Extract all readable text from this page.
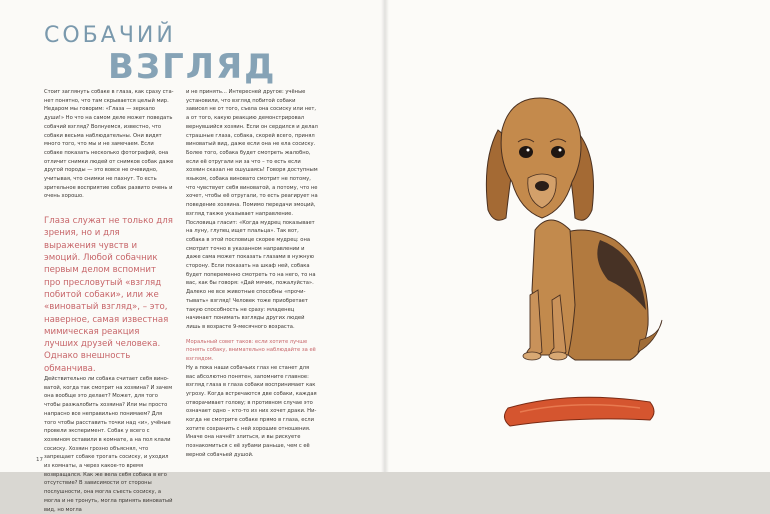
СОБАЧИЙ
ВЗГЛЯД

Стоит заглянуть собаке в глаза, как сразу станет понятно, что там скрывается целый мир. Недаром мы говорим: «Глаза — зеркало души!» Но что на самом деле может поведать собачий взгляд? Волнуемся, известно, что собаки весьма наблюдательны. Они видят много того, что мы и не замечаем. Если собаке показать несколько фотографий, она отличит снимки людей от снимков собак даже другой породы — это вовсе не очевидно, учитывая, что снимки не пахнут. То есть зрительное восприятие собак развито очень и очень хорошо.

Глаза служат не только для зрения, но и для выражения чувств и эмоций. Любой собачник первым делом вспомнит про пресловутый «взгляд побитой собаки», или же «виноватый взгляд», – это, наверное, самая известная мимическая реакция лучших друзей человека. Однако внешность обманчива.

Действительно ли собака считает себя виноватой, когда так смотрит на хозяина? И зачем она вообще это делает? Может, для того чтобы разжалобить хозяина? Или мы просто напрасно все неправильно понимаем? Для того чтобы расставить точки над «и», учёные провели эксперимент. Собак у всего с хозяином оставили в комнате, а на пол клали сосиску. Хозяин грозно объяснял, что запрещает собаке трогать сосиску, и уходил из комнаты, а через какое-то время возвращался. Как же вела себя собака в его отсутствие? В зависимости от стороны послушности, она могла съесть сосиску, а могла и не тронуть, могла принять виноватый вид, но могла

и не принять... Интересней другое: учёные установили, что взгляд побитой собаки зависел не от того, съела она сосиску или нет, а от того, какую реакцию демонстрировал вернувшийся хозяин. Если он сердился и делал страшные глаза, собака, скорей всего, принял виноватый вид, даже если она не ела сосиску. Более того, собака будет смотреть жалобно, если её отругали ни за что – то есть если хозяин сказал не ошушаясь! Говоря доступным языком, собака виновато смотрит не потому, что чувствует себя виноватой, а потому, что не хочет, чтобы её отругали, то есть реагирует на поведение хозяина. Помимо передачи эмоций, взгляд также указывает направление. Пословица гласит: «Когда мудрец показывает на луну, глупец ищет плальца». Так вот, собака в этой пословице скорее мудрец: она смотрит точно в указанном направлении и даже сама может показать глазами в нужную сторону. Если показать на шкаф ней, собака будет попеременно смотреть то на него, то на вас, как бы говоря: «Дай мячик, пожалуйста». Далеко не все животные способны «прочитывать» взгляд! Человек тоже приобретает такую способность не сразу: младенец начинает понимать взгляды других людей лишь в возрасте 9-месячного возраста.

Моральный совет таков: если хотите лучше понять собаку, внимательно наблюдайте за её взглядом.

Ну а пока наши собачьих глаз не станет для вас абсолютно понятен, запомните главное: взгляд глаза в глаза собаки воспринимает как угрозу. Когда встречаются две собаки, каждая отворачивает голову; в противном случае это означает одно – кто-то из них хочет драки. Никогда не смотрите собаке прямо в глаза, если хотите сохранить с ней хорошие отношения. Иначе она начнёт злиться, и вы рискуете познакомиться с её зубами раньше, чем с её верной собачьей душой.

17
